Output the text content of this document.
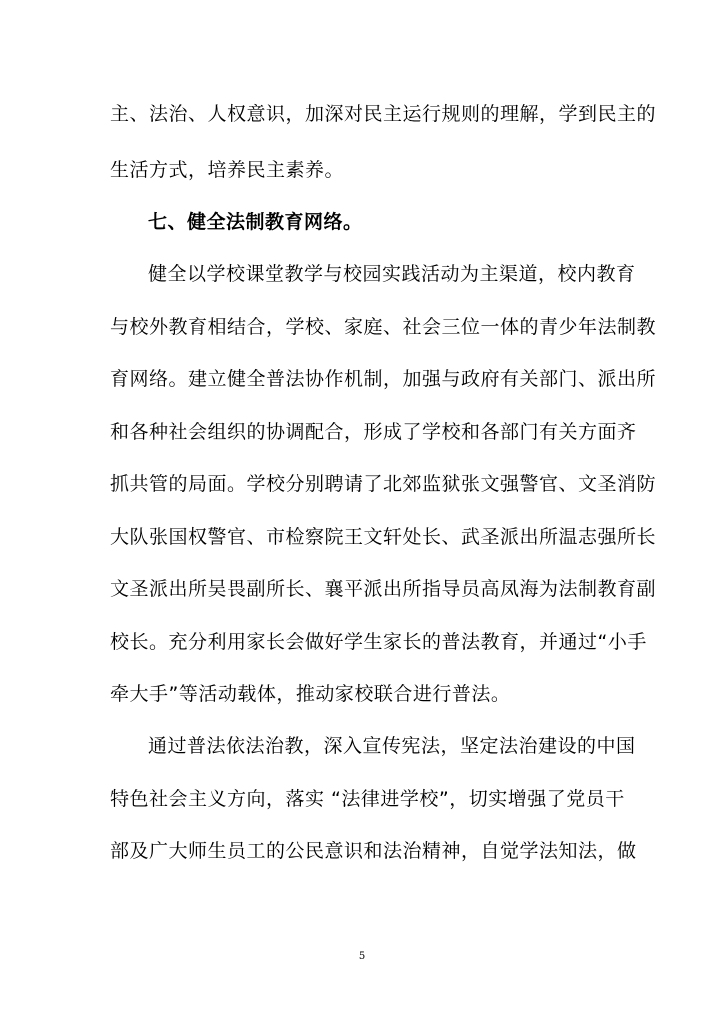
主、法治、人权意识，加深对民主运行规则的理解，学到民主的
生活方式，培养民主素养。
七、健全法制教育网络。
健全以学校课堂教学与校园实践活动为主渠道，校内教育
与校外教育相结合，学校、家庭、社会三位一体的青少年法制教
育网络。建立健全普法协作机制，加强与政府有关部门、派出所
和各种社会组织的协调配合，形成了学校和各部门有关方面齐
抓共管的局面。学校分别聘请了北郊监狱张文强警官、文圣消防
大队张国权警官、市检察院王文轩处长、武圣派出所温志强所长
文圣派出所吴畏副所长、襄平派出所指导员高凤海为法制教育副
校长。充分利用家长会做好学生家长的普法教育，并通过“小手
牵大手”等活动载体，推动家校联合进行普法。
通过普法依法治教，深入宣传宪法，坚定法治建设的中国
特色社会主义方向，落实 “法律进学校”，切实增强了党员干
部及广大师生员工的公民意识和法治精神，自觉学法知法，做
5
